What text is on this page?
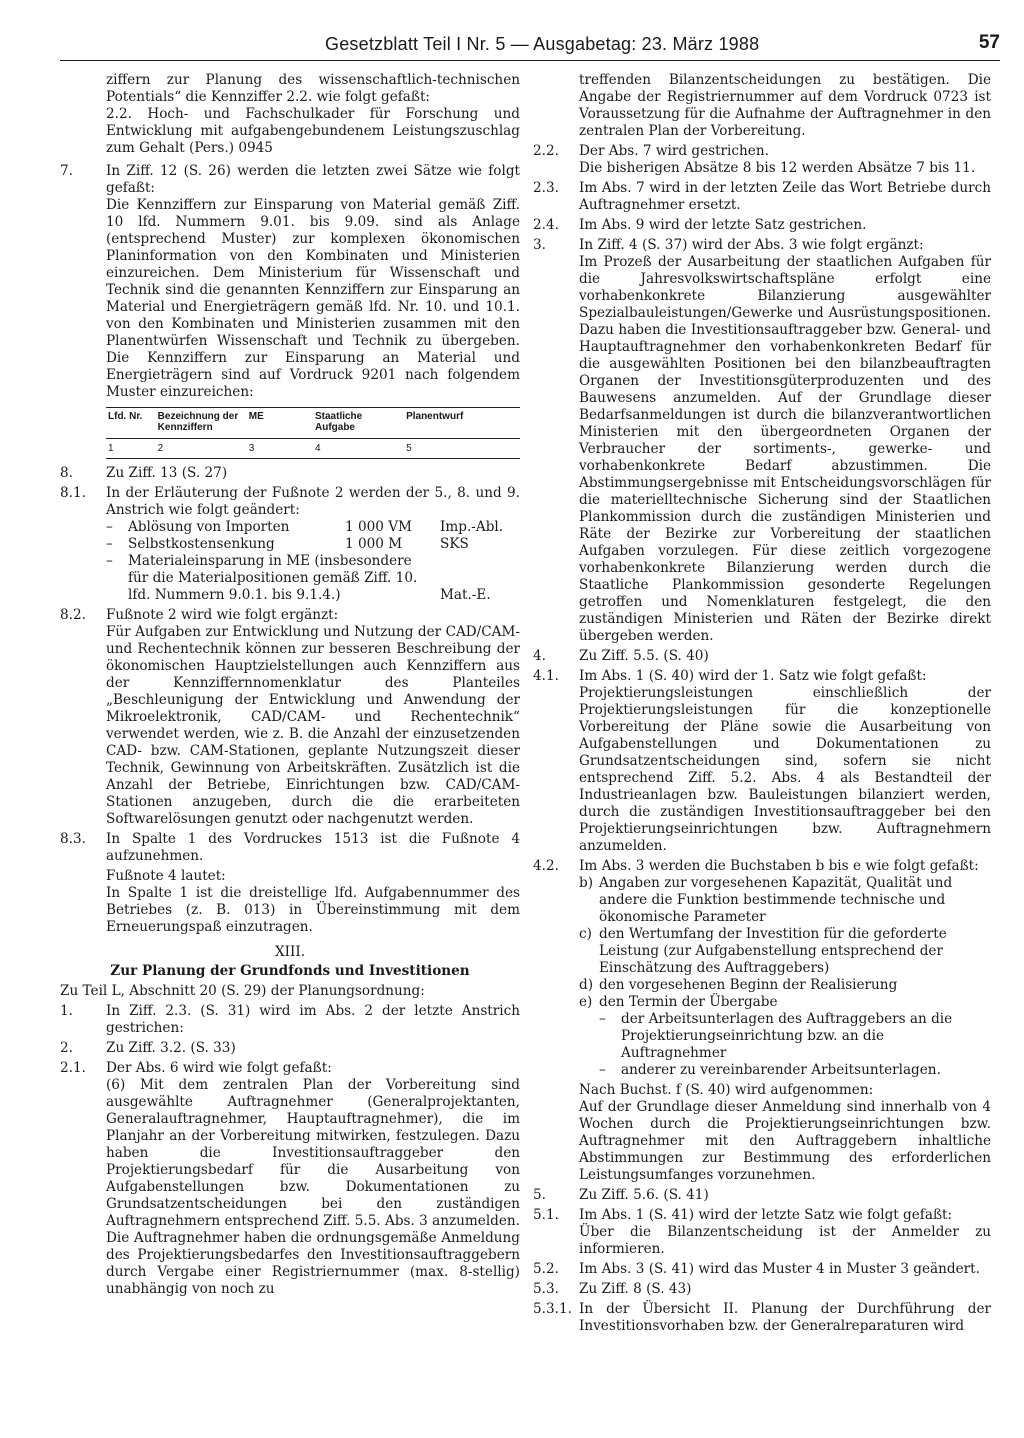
Gesetzblatt Teil I Nr. 5 — Ausgabetag: 23. März 1988	57

ziffern zur Planung des wissenschaftlich-technischen Potentials“ die Kennziffer 2.2. wie folgt gefaßt:

2.2. Hoch- und Fachschulkader für Forschung und Entwicklung mit aufgabengebundenem Leistungszuschlag zum Gehalt (Pers.) 0945

7.	In Ziff. 12 (S. 26) werden die letzten zwei Sätze wie folgt gefaßt:

Die Kennziffern zur Einsparung von Material gemäß Ziff. 10 lfd. Nummern 9.01. bis 9.09. sind als Anlage (entsprechend Muster) zur komplexen ökonomischen Planinformation von den Kombinaten und Ministerien einzureichen. Dem Ministerium für Wissenschaft und Technik sind die genannten Kennziffern zur Einsparung an Material und Energieträgern gemäß lfd. Nr. 10. und 10.1. von den Kombinaten und Ministerien zusammen mit den Planentwürfen Wissenschaft und Technik zu übergeben. Die Kennziffern zur Einsparung an Material und Energieträgern sind auf Vordruck 9201 nach folgendem Muster einzureichen:

Lfd. Nr.	Bezeichnung der Kennziffern	ME	Staatliche Aufgabe	Planentwurf
1	2	3	4	5
8.	Zu Ziff. 13 (S. 27)

8.1.	In der Erläuterung der Fußnote 2 werden der 5., 8. und 9. Anstrich wie folgt geändert:

–	Ablösung von Importen	1 000 VM	Imp.-Abl.
–	Selbstkostensenkung	1 000 M	SKS
–	Materialeinsparung in ME (insbesondere für die Materialpositionen gemäß Ziff. 10. lfd. Nummern 9.0.1. bis 9.1.4.)	Mat.-E.
8.2.	Fußnote 2 wird wie folgt ergänzt:

Für Aufgaben zur Entwicklung und Nutzung der CAD/CAM- und Rechentechnik können zur besseren Beschreibung der ökonomischen Hauptzielstellungen auch Kennziffern aus der Kennziffernnomenklatur des Planteiles „Beschleunigung der Entwicklung und Anwendung der Mikroelektronik, CAD/CAM- und Rechentechnik“ verwendet werden, wie z. B. die Anzahl der einzusetzenden CAD- bzw. CAM-Stationen, geplante Nutzungszeit dieser Technik, Gewinnung von Arbeitskräften. Zusätzlich ist die Anzahl der Betriebe, Einrichtungen bzw. CAD/CAM-Stationen anzugeben, durch die die erarbeiteten Softwarelösungen genutzt oder nachgenutzt werden.

8.3.	In Spalte 1 des Vordruckes 1513 ist die Fußnote 4 aufzunehmen.

Fußnote 4 lautet:

In Spalte 1 ist die dreistellige lfd. Aufgabennummer des Betriebes (z. B. 013) in Übereinstimmung mit dem Erneuerungspaß einzutragen.

XIII.
Zur Planung der Grundfonds und Investitionen

Zu Teil L, Abschnitt 20 (S. 29) der Planungsordnung:

1.	In Ziff. 2.3. (S. 31) wird im Abs. 2 der letzte Anstrich gestrichen:

2.	Zu Ziff. 3.2. (S. 33)

2.1.	Der Abs. 6 wird wie folgt gefaßt:

(6) Mit dem zentralen Plan der Vorbereitung sind ausgewählte Auftragnehmer (Generalprojektanten, Generalauftragnehmer, Hauptauftragnehmer), die im Planjahr an der Vorbereitung mitwirken, festzulegen. Dazu haben die Investitionsauftraggeber den Projektierungsbedarf für die Ausarbeitung von Aufgabenstellungen bzw. Dokumentationen zu Grundsatzentscheidungen bei den zuständigen Auftragnehmern entsprechend Ziff. 5.5. Abs. 3 anzumelden. Die Auftragnehmer haben die ordnungsgemäße Anmeldung des Projektierungsbedarfes den Investitionsauftraggebern durch Vergabe einer Registriernummer (max. 8-stellig) unabhängig von noch zu

treffenden Bilanzentscheidungen zu bestätigen. Die Angabe der Registriernummer auf dem Vordruck 0723 ist Voraussetzung für die Aufnahme der Auftragnehmer in den zentralen Plan der Vorbereitung.

2.2.	Der Abs. 7 wird gestrichen.

Die bisherigen Absätze 8 bis 12 werden Absätze 7 bis 11.

2.3.	Im Abs. 7 wird in der letzten Zeile das Wort Betriebe durch Auftragnehmer ersetzt.

2.4.	Im Abs. 9 wird der letzte Satz gestrichen.

3.	In Ziff. 4 (S. 37) wird der Abs. 3 wie folgt ergänzt:

Im Prozeß der Ausarbeitung der staatlichen Aufgaben für die Jahresvolkswirtschaftspläne erfolgt eine vorhabenkonkrete Bilanzierung ausgewählter Spezialbauleistungen/Gewerke und Ausrüstungspositionen. Dazu haben die Investitionsauftraggeber bzw. General- und Hauptauftragnehmer den vorhabenkonkreten Bedarf für die ausgewählten Positionen bei den bilanzbeauftragten Organen der Investitionsgüterproduzenten und des Bauwesens anzumelden. Auf der Grundlage dieser Bedarfsanmeldungen ist durch die bilanzverantwortlichen Ministerien mit den übergeordneten Organen der Verbraucher der sortiments-, gewerke- und vorhabenkonkrete Bedarf abzustimmen. Die Abstimmungsergebnisse mit Entscheidungsvorschlägen für die materielltechnische Sicherung sind der Staatlichen Plankommission durch die zuständigen Ministerien und Räte der Bezirke zur Vorbereitung der staatlichen Aufgaben vorzulegen. Für diese zeitlich vorgezogene vorhabenkonkrete Bilanzierung werden durch die Staatliche Plankommission gesonderte Regelungen getroffen und Nomenklaturen festgelegt, die den zuständigen Ministerien und Räten der Bezirke direkt übergeben werden.

4.	Zu Ziff. 5.5. (S. 40)

4.1.	Im Abs. 1 (S. 40) wird der 1. Satz wie folgt gefaßt:

Projektierungsleistungen einschließlich der Projektierungsleistungen für die konzeptionelle Vorbereitung der Pläne sowie die Ausarbeitung von Aufgabenstellungen und Dokumentationen zu Grundsatzentscheidungen sind, sofern sie nicht entsprechend Ziff. 5.2. Abs. 4 als Bestandteil der Industrieanlagen bzw. Bauleistungen bilanziert werden, durch die zuständigen Investitionsauftraggeber bei den Projektierungseinrichtungen bzw. Auftragnehmern anzumelden.

4.2.	Im Abs. 3 werden die Buchstaben b bis e wie folgt gefaßt:

b) Angaben zur vorgesehenen Kapazität, Qualität und andere die Funktion bestimmende technische und ökonomische Parameter
c) den Wertumfang der Investition für die geforderte Leistung (zur Aufgabenstellung entsprechend der Einschätzung des Auftraggebers)
d) den vorgesehenen Beginn der Realisierung
e) den Termin der Übergabe
–	der Arbeitsunterlagen des Auftraggebers an die Projektierungseinrichtung bzw. an die Auftragnehmer
–	anderer zu vereinbarender Arbeitsunterlagen.

Nach Buchst. f (S. 40) wird aufgenommen:

Auf der Grundlage dieser Anmeldung sind innerhalb von 4 Wochen durch die Projektierungseinrichtungen bzw. Auftragnehmer mit den Auftraggebern inhaltliche Abstimmungen zur Bestimmung des erforderlichen Leistungsumfanges vorzunehmen.

5.	Zu Ziff. 5.6. (S. 41)

5.1.	Im Abs. 1 (S. 41) wird der letzte Satz wie folgt gefaßt:

Über die Bilanzentscheidung ist der Anmelder zu informieren.

5.2.	Im Abs. 3 (S. 41) wird das Muster 4 in Muster 3 geändert.

5.3.	Zu Ziff. 8 (S. 43)

5.3.1. In der Übersicht II. Planung der Durchführung der Investitionsvorhaben bzw. der Generalreparaturen wird
